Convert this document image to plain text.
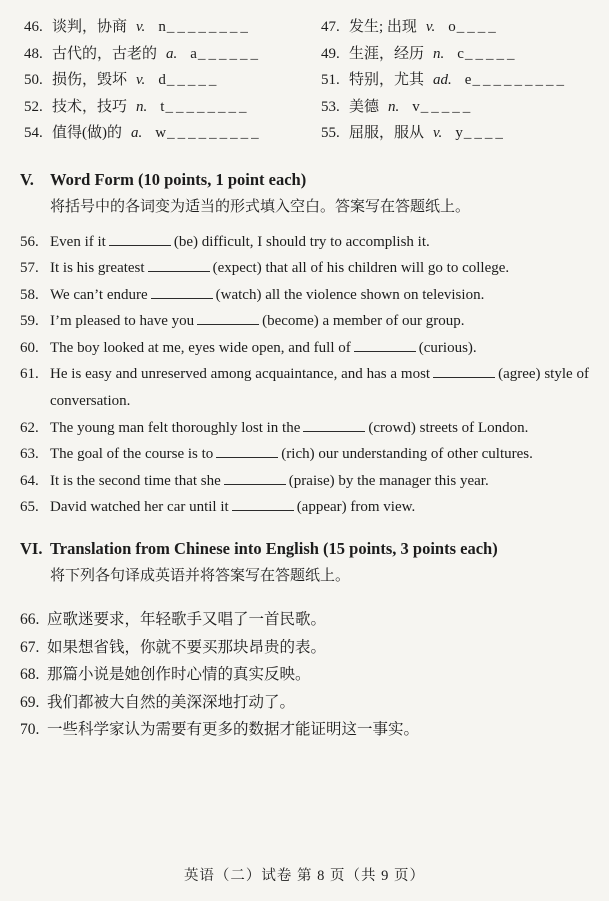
46. 谈判，协商 v. n________	47. 发生; 出现 v. o____
48. 古代的，古老的 a. a______	49. 生涯，经历 n. c_____
50. 损伤，毁坏 v. d_____	51. 特别，尤其 ad. e_________
52. 技术，技巧 n. t________	53. 美德 n. v_____
54. 值得(做)的 a. w_________	55. 屈服，服从 v. y____
V. Word Form (10 points, 1 point each)
将括号中的各词变为适当的形式填入空白。答案写在答题纸上。
56. Even if it	(be) difficult, I should try to accomplish it.
57. It is his greatest	(expect) that all of his children will go to college.
58. We can’t endure	(watch) all the violence shown on television.
59. I’m pleased to have you	(become) a member of our group.
60. The boy looked at me, eyes wide open, and full of	(curious).
61. He is easy and unreserved among acquaintance, and has a most	(agree) style of conversation.
62. The young man felt thoroughly lost in the	(crowd) streets of London.
63. The goal of the course is to	(rich) our understanding of other cultures.
64. It is the second time that she	(praise) by the manager this year.
65. David watched her car until it	(appear) from view.
VI. Translation from Chinese into English (15 points, 3 points each)
将下列各句译成英语并将答案写在答题纸上。
66. 应歌迷要求，年轻歌手又唱了一首民歌。
67. 如果想省钱，你就不要买那块昂贵的表。
68. 那篇小说是她创作时心情的真实反映。
69. 我们都被大自然的美深深地打动了。
70. 一些科学家认为需要有更多的数据才能证明这一事实。
英语（二）试卷 第 8 页（共 9 页）
